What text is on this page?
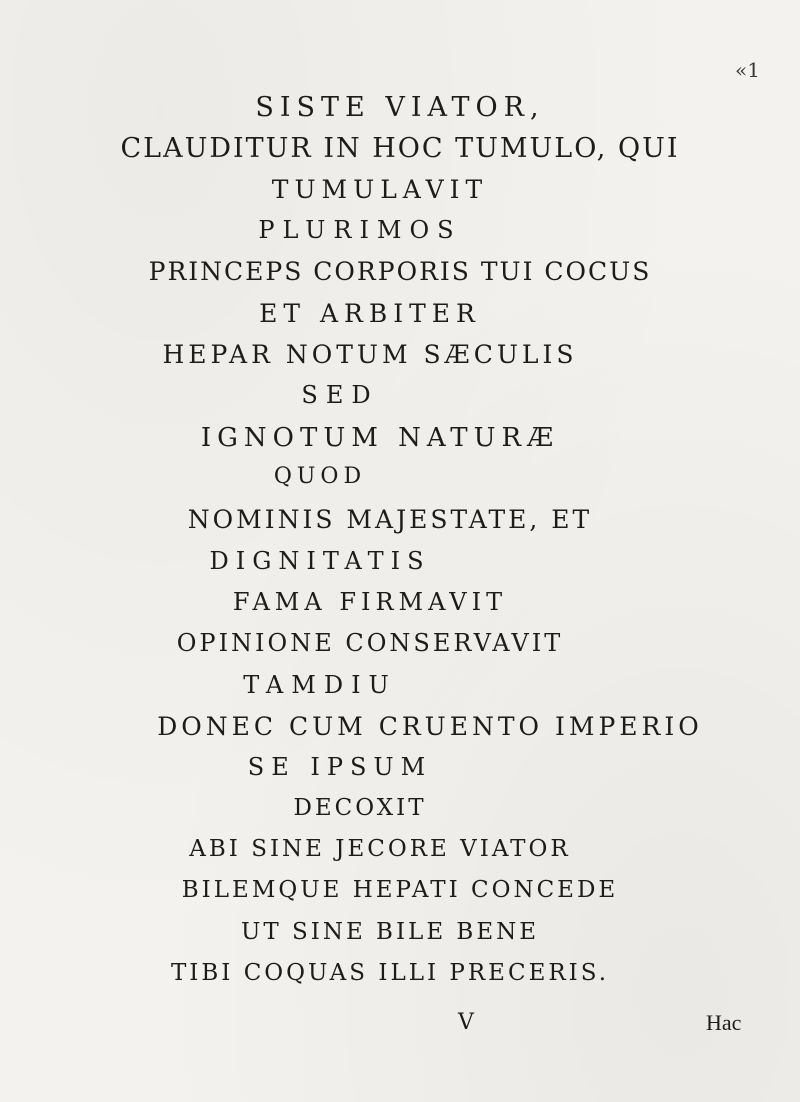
«1
SISTE VIATOR,
CLAUDITUR IN HOC TUMULO, QUI
TUMULAVIT
PLURIMOS
PRINCEPS CORPORIS TUI COCUS
ET ARBITER
HEPAR NOTUM SÆCULIS
SED
IGNOTUM NATURÆ
QUOD
NOMINIS MAJESTATE, ET
DIGNITATIS
FAMA FIRMAVIT
OPINIONE CONSERVAVIT
TAMDIU
DONEC CUM CRUENTO IMPERIO
SE IPSUM
DECOXIT
ABI SINE JECORE VIATOR
BILEMQUE HEPATI CONCEDE
UT SINE BILE BENE
TIBI COQUAS ILLI PRECERIS.
V	Hac
